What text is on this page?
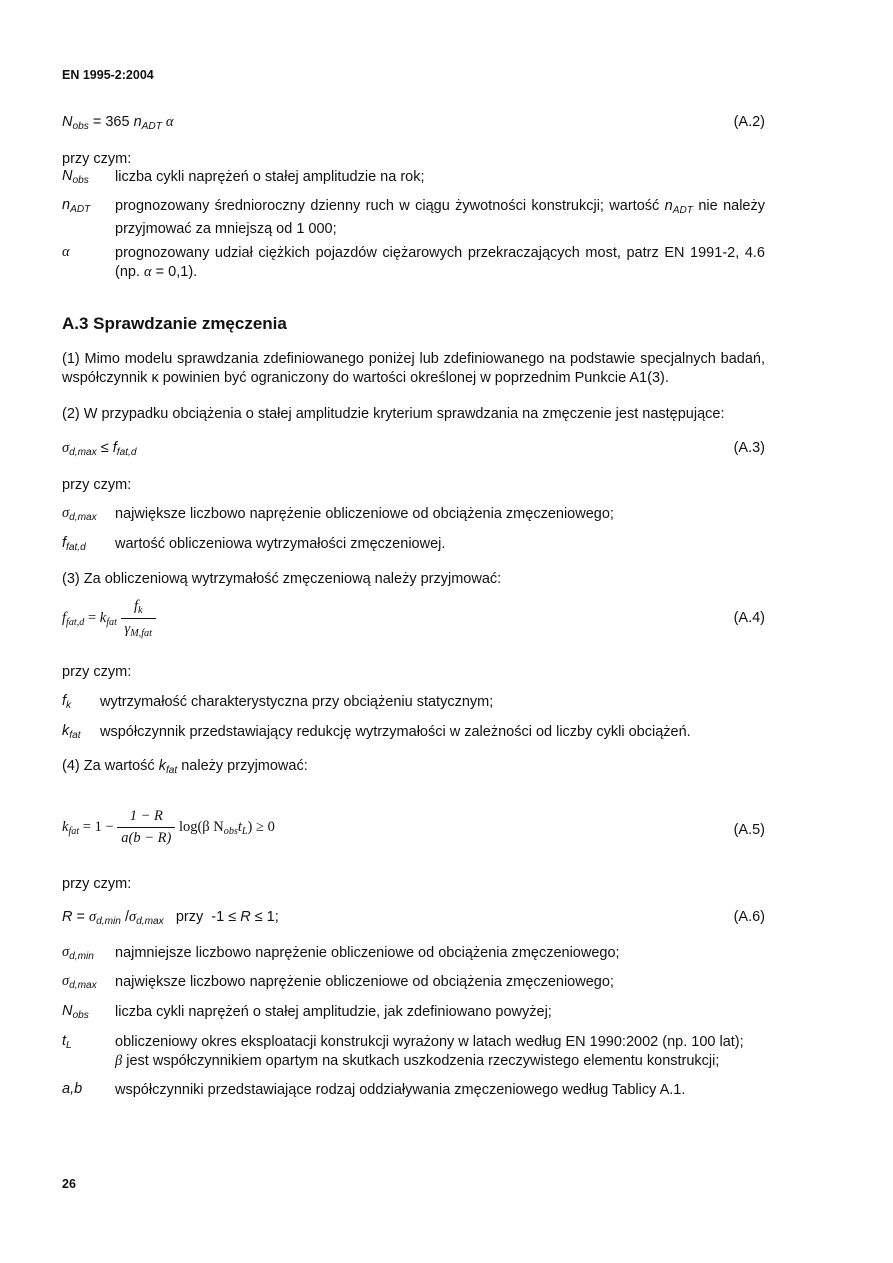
EN 1995-2:2004
$N_{obs} = 365$ $n_{ADT}$ α	(A.2)
przy czym:
$N_{obs}$	liczba cykli naprężeń o stałej amplitudzie na rok;
$n_{ADT}$	prognozowany średnioroczny dzienny ruch w ciągu żywotności konstrukcji; wartość $n_{ADT}$ nie należy przyjmować za mniejszą od 1 000;
α	prognozowany udział ciężkich pojazdów ciężarowych przekraczających most, patrz EN 1991-2, 4.6 (np. α = 0,1).
A.3 Sprawdzanie zmęczenia
(1) Mimo modelu sprawdzania zdefiniowanego poniżej lub zdefiniowanego na podstawie specjalnych badań, współczynnik κ powinien być ograniczony do wartości określonej w poprzednim Punkcie A1(3).
(2) W przypadku obciążenia o stałej amplitudzie kryterium sprawdzania na zmęczenie jest następujące:
$\sigma_{d,max} \le f_{fat,d}$	(A.3)
przy czym:
$\sigma_{d,max}$	największe liczbowo naprężenie obliczeniowe od obciążenia zmęczeniowego;
$f_{fat,d}$	wartość obliczeniowa wytrzymałości zmęczeniowej.
(3) Za obliczeniową wytrzymałość zmęczeniową należy przyjmować:
$f_{fat,d} = k_{fat} \frac{f_k}{\gamma_{M,fat}}$	(A.4)
przy czym:
$f_k$	wytrzymałość charakterystyczna przy obciążeniu statycznym;
$k_{fat}$	współczynnik przedstawiający redukcję wytrzymałości w zależności od liczby cykli obciążeń.
(4) Za wartość $k_{fat}$ należy przyjmować:
$k_{fat} = 1 - \frac{1 - R}{a(b - R)} \log(\beta$ $N_{obs}t_L) \ge 0$	(A.5)
przy czym:
$R = \sigma_{d,min}$ $/\sigma_{d,max}$   przy  -1 ≤ R ≤ 1;	(A.6)
$\sigma_{d,min}$	najmniejsze liczbowo naprężenie obliczeniowe od obciążenia zmęczeniowego;
$\sigma_{d,max}$	największe liczbowo naprężenie obliczeniowe od obciążenia zmęczeniowego;
$N_{obs}$	liczba cykli naprężeń o stałej amplitudzie, jak zdefiniowano powyżej;
$t_L$	obliczeniowy okres eksploatacji konstrukcji wyrażony w latach według EN 1990:2002 (np. 100 lat);
β jest współczynnikiem opartym na skutkach uszkodzenia rzeczywistego elementu konstrukcji;
a,b	współczynniki przedstawiające rodzaj oddziaływania zmęczeniowego według Tablicy A.1.
26
